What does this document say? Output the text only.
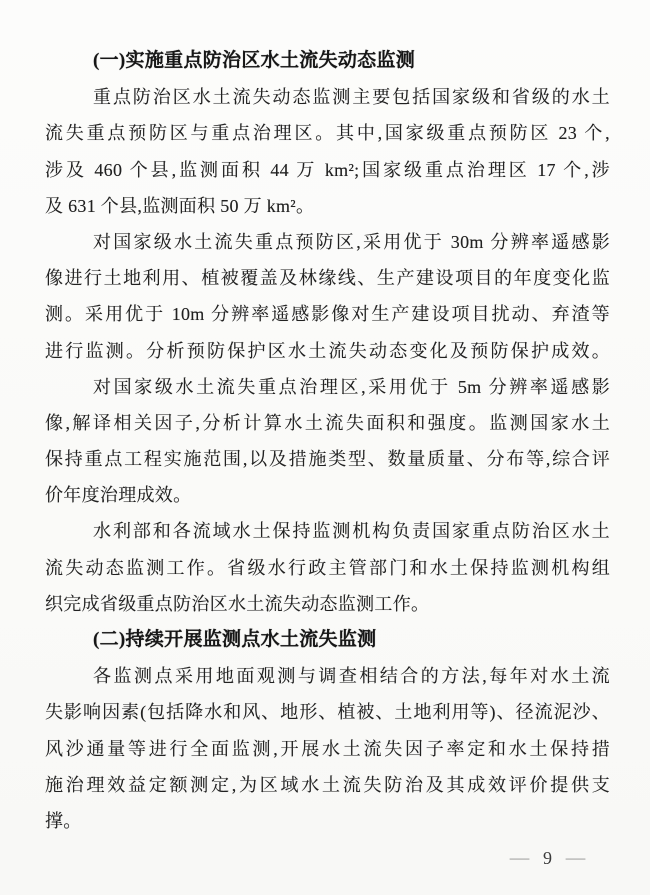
(一)实施重点防治区水土流失动态监测
重点防治区水土流失动态监测主要包括国家级和省级的水土
流失重点预防区与重点治理区。其中,国家级重点预防区 23 个,
涉及 460 个县,监测面积 44 万 km²;国家级重点治理区 17 个,涉
及 631 个县,监测面积 50 万 km²。
对国家级水土流失重点预防区,采用优于 30m 分辨率遥感影
像进行土地利用、植被覆盖及林缘线、生产建设项目的年度变化监
测。采用优于 10m 分辨率遥感影像对生产建设项目扰动、弃渣等
进行监测。分析预防保护区水土流失动态变化及预防保护成效。
对国家级水土流失重点治理区,采用优于 5m 分辨率遥感影
像,解译相关因子,分析计算水土流失面积和强度。监测国家水土
保持重点工程实施范围,以及措施类型、数量质量、分布等,综合评
价年度治理成效。
水利部和各流域水土保持监测机构负责国家重点防治区水土
流失动态监测工作。省级水行政主管部门和水土保持监测机构组
织完成省级重点防治区水土流失动态监测工作。
(二)持续开展监测点水土流失监测
各监测点采用地面观测与调查相结合的方法,每年对水土流
失影响因素(包括降水和风、地形、植被、土地利用等)、径流泥沙、
风沙通量等进行全面监测,开展水土流失因子率定和水土保持措
施治理效益定额测定,为区域水土流失防治及其成效评价提供支
撑。
— 9 —
